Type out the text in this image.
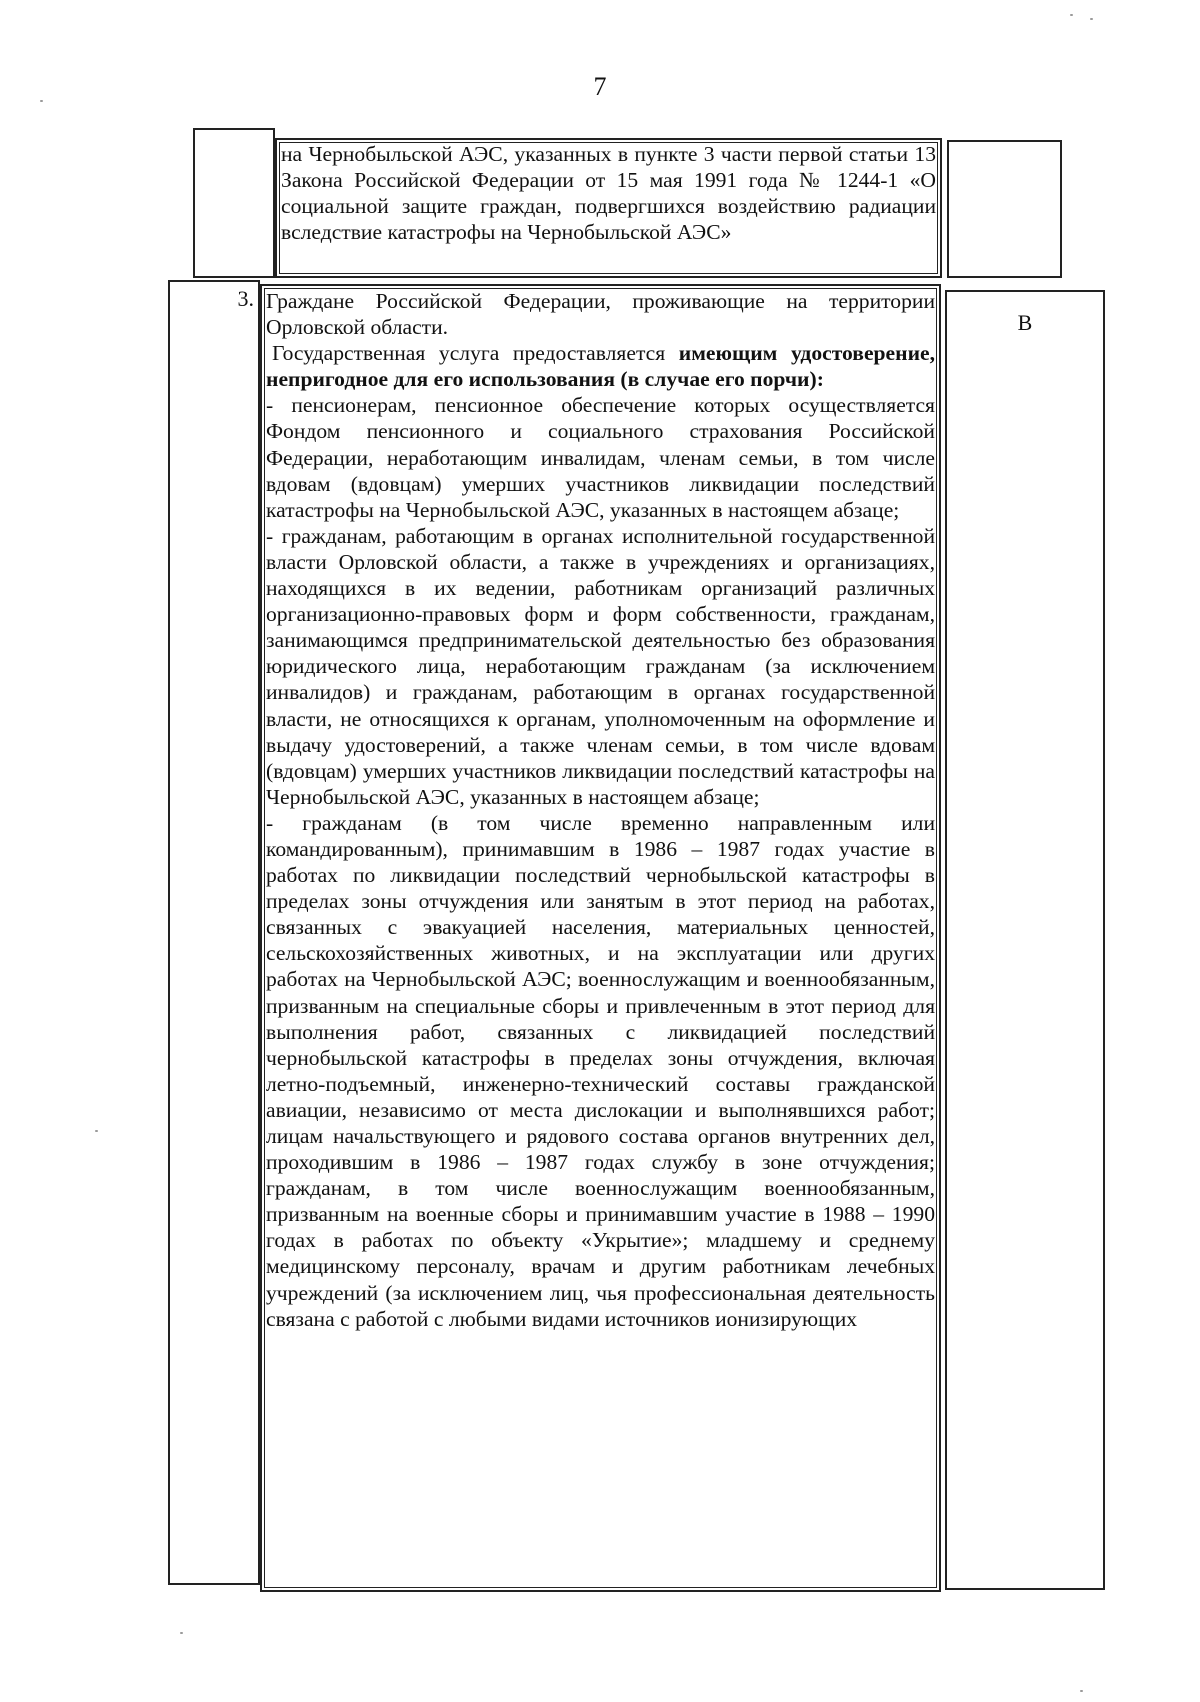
7

на Чернобыльской АЭС, указанных в пункте 3 части первой статьи 13 Закона Российской Федерации от 15 мая 1991 года № 1244-1 «О социальной защите граждан, подвергшихся воздействию радиации вследствие катастрофы на Чернобыльской АЭС»

3. Граждане Российской Федерации, проживающие на территории Орловской области.

Государственная услуга предоставляется имеющим удостоверение, непригодное для его использования (в случае его порчи):

- пенсионерам, пенсионное обеспечение которых осуществляется Фондом пенсионного и социального страхования Российской Федерации, неработающим инвалидам, членам семьи, в том числе вдовам (вдовцам) умерших участников ликвидации последствий катастрофы на Чернобыльской АЭС, указанных в настоящем абзаце;

- гражданам, работающим в органах исполнительной государственной власти Орловской области, а также в учреждениях и организациях, находящихся в их ведении, работникам организаций различных организационно-правовых форм и форм собственности, гражданам, занимающимся предпринимательской деятельностью без образования юридического лица, неработающим гражданам (за исключением инвалидов) и гражданам, работающим в органах государственной власти, не относящихся к органам, уполномоченным на оформление и выдачу удостоверений, а также членам семьи, в том числе вдовам (вдовцам) умерших участников ликвидации последствий катастрофы на Чернобыльской АЭС, указанных в настоящем абзаце;

- гражданам (в том числе временно направленным или командированным), принимавшим в 1986 – 1987 годах участие в работах по ликвидации последствий чернобыльской катастрофы в пределах зоны отчуждения или занятым в этот период на работах, связанных с эвакуацией населения, материальных ценностей, сельскохозяйственных животных, и на эксплуатации или других работах на Чернобыльской АЭС; военнослужащим и военнообязанным, призванным на специальные сборы и привлеченным в этот период для выполнения работ, связанных с ликвидацией последствий чернобыльской катастрофы в пределах зоны отчуждения, включая летно-подъемный, инженерно-технический составы гражданской авиации, независимо от места дислокации и выполнявшихся работ; лицам начальствующего и рядового состава органов внутренних дел, проходившим в 1986 – 1987 годах службу в зоне отчуждения; гражданам, в том числе военнослужащим военнообязанным, призванным на военные сборы и принимавшим участие в 1988 – 1990 годах в работах по объекту «Укрытие»; младшему и среднему медицинскому персоналу, врачам и другим работникам лечебных учреждений (за исключением лиц, чья профессиональная деятельность связана с работой с любыми видами источников ионизирующих

В
